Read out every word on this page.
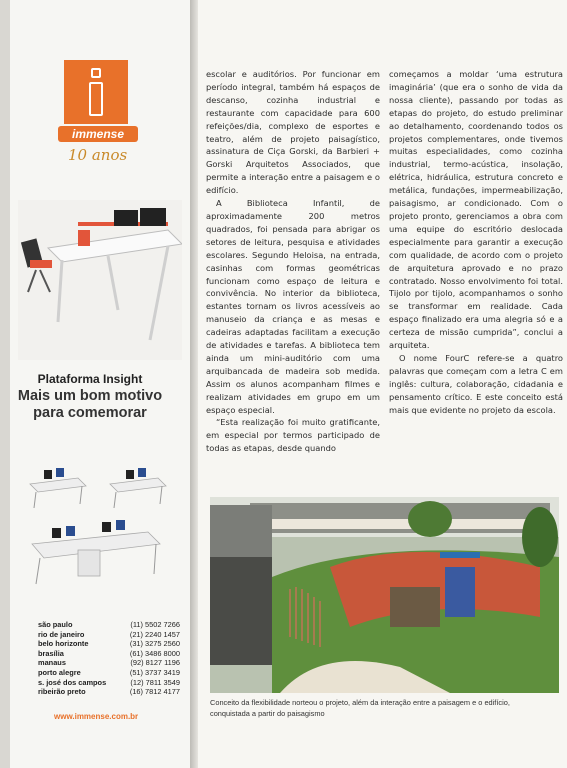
immense
10 anos
Plataforma Insight
Mais um bom motivo
para comemorar
são paulo	(11) 5502 7266
rio de janeiro	(21) 2240 1457
belo horizonte	(31) 3275 2560
brasília	(61) 3486 8000
manaus	(92) 8127 1196
porto alegre	(51) 3737 3419
s. josé dos campos	(12) 7811 3549
ribeirão preto	(16) 7812 4177
www.immense.com.br

escolar e auditórios. Por funcionar em período integral, também há espaços de descanso, cozinha industrial e restaurante com capacidade para 600 refeições/dia, complexo de esportes e teatro, além de projeto paisagístico, assinatura de Ciça Gorski, da Barbieri + Gorski Arquitetos Associados, que permite a interação entre a paisagem e o edifício.

A Biblioteca Infantil, de aproximadamente 200 metros quadrados, foi pensada para abrigar os setores de leitura, pesquisa e atividades escolares. Segundo Heloisa, na entrada, casinhas com formas geométricas funcionam como espaço de leitura e convivência. No interior da biblioteca, estantes tornam os livros acessíveis ao manuseio da criança e as mesas e cadeiras adaptadas facilitam a execução de atividades e tarefas. A biblioteca tem ainda um mini-auditório com uma arquibancada de madeira sob medida. Assim os alunos acompanham filmes e realizam atividades em grupo em um espaço especial.

“Esta realização foi muito gratificante, em especial por termos participado de todas as etapas, desde quando

começamos a moldar ‘uma estrutura imaginária’ (que era o sonho de vida da nossa cliente), passando por todas as etapas do projeto, do estudo preliminar ao detalhamento, coordenando todos os projetos complementares, onde tivemos muitas especialidades, como cozinha industrial, termo-acústica, insolação, elétrica, hidráulica, estrutura concreto e metálica, fundações, impermeabilização, paisagismo, ar condicionado. Com o projeto pronto, gerenciamos a obra com uma equipe do escritório deslocada especialmente para garantir a execução com qualidade, de acordo com o projeto de arquitetura aprovado e no prazo contratado. Nosso envolvimento foi total. Tijolo por tijolo, acompanhamos o sonho se transformar em realidade. Cada espaço finalizado era uma alegria só e a certeza de missão cumprida”, conclui a arquiteta.

O nome FourC refere-se a quatro palavras que começam com a letra C em inglês: cultura, colaboração, cidadania e pensamento crítico. E este conceito está mais que evidente no projeto da escola.

Conceito da flexibilidade norteou o projeto, além da interação entre a paisagem e o edifício, conquistada a partir do paisagismo
